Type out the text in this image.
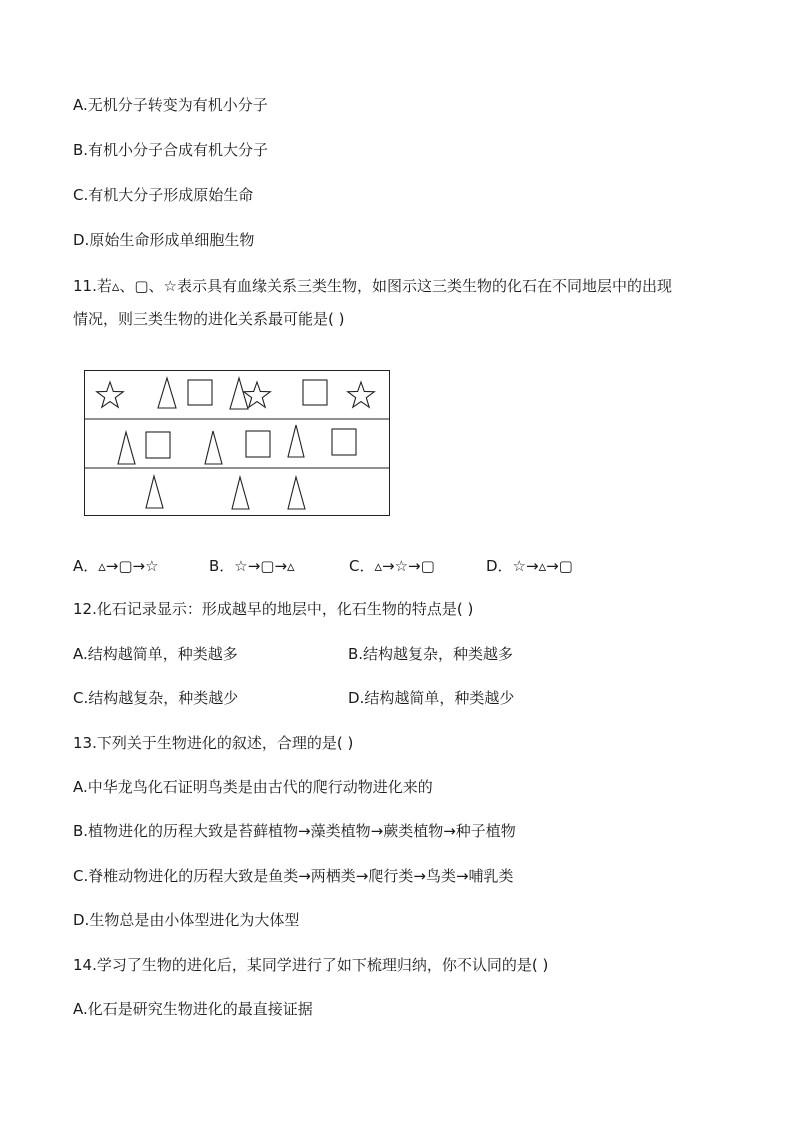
A.无机分子转变为有机小分子
B.有机小分子合成有机大分子
C.有机大分子形成原始生命
D.原始生命形成单细胞生物
11.若▵、▢、☆表示具有血缘关系三类生物，如图示这三类生物的化石在不同地层中的出现
情况，则三类生物的进化关系最可能是( )
A．▵→▢→☆	B．☆→▢→▵	C．▵→☆→▢	D．☆→▵→▢
12.化石记录显示：形成越早的地层中，化石生物的特点是( )
A.结构越简单，种类越多	B.结构越复杂，种类越多
C.结构越复杂，种类越少	D.结构越简单，种类越少
13.下列关于生物进化的叙述，合理的是( )
A.中华龙鸟化石证明鸟类是由古代的爬行动物进化来的
B.植物进化的历程大致是苔藓植物→藻类植物→蕨类植物→种子植物
C.脊椎动物进化的历程大致是鱼类→两栖类→爬行类→鸟类→哺乳类
D.生物总是由小体型进化为大体型
14.学习了生物的进化后，某同学进行了如下梳理归纳，你不认同的是( )
A.化石是研究生物进化的最直接证据
